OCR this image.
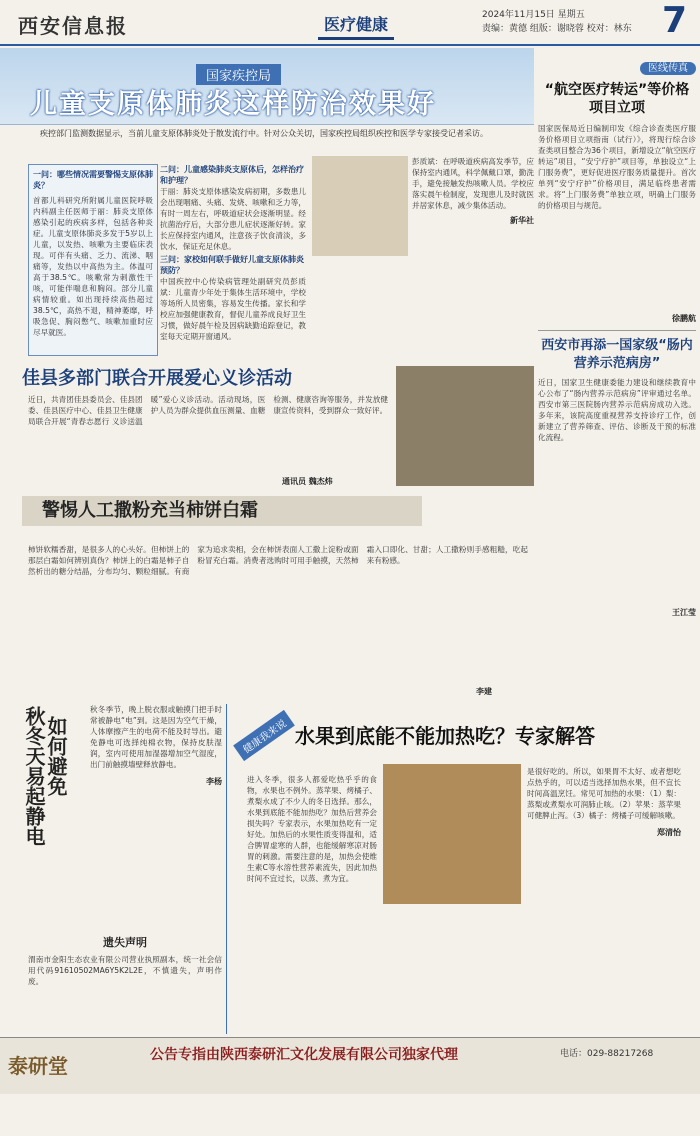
西安信息报	医疗健康	2024年11月15日 星期五
责编：黄德 组版：谢晓蓉 校对：林东 7
国家疾控局
儿童支原体肺炎这样防治效果好
疾控部门监测数据显示，当前儿童支原体肺炎处于散发流行中。针对公众关切，国家疾控局组织疾控和医学专家接受记者采访。
一问：哪些情况需要警惕支原体肺炎？
首都儿科研究所附属儿童医院呼吸内科副主任医师于丽：肺炎支原体感染引起的疾病多样，包括各种炎症。儿童支原体肺炎多发于5岁以上儿童，以发热、咳嗽为主要临床表现。可伴有头痛、乏力、流涕、咽痛等，发热以中高热为主。体温可高于38.5℃。咳嗽常为刺激性干咳，可能伴喘息和胸闷。部分儿童病情较重。如出现持续高热超过38.5℃，高热不退，精神萎靡，呼吸急促、胸闷憋气、咳嗽加重时应尽早就医。
二问：儿童感染肺炎支原体后，怎样治疗和护理？
于丽：肺炎支原体感染发病初期，多数患儿会出现咽痛、头痛、发烧、咳嗽和乏力等，有时一周左右，呼吸道症状会逐渐明显。经抗菌治疗后，大部分患儿症状逐渐好转。家长应保持室内通风，注意孩子饮食清淡，多饮水，保证充足休息。
三问：家校如何联手做好儿童支原体肺炎预防？
中国疾控中心传染病管理处副研究员彭质斌：儿童青少年处于集体生活环境中，学校等场所人员密集，容易发生传播。家长和学校应加强健康教育，督促儿童养成良好卫生习惯，做好晨午检及因病缺勤追踪登记，教室每天定期开窗通风。
彭质斌：在呼吸道疾病高发季节，应保持室内通风，科学佩戴口罩，勤洗手，避免接触发热咳嗽人员。学校应落实晨午检制度，发现患儿及时就医并居家休息，减少集体活动。
新华社
医线传真
“航空医疗转运”等价格项目立项
国家医保局近日编制印发《综合诊查类医疗服务价格项目立项指南（试行）》，将现行综合诊查类项目整合为36个项目，新增设立“航空医疗转运”项目，“安宁疗护”项目等，单独设立“上门服务费”，更好促进医疗服务质量提升。首次单列“安宁疗护”价格项目，满足临终患者需求。将“上门服务费”单独立项，明确上门服务的价格项目与规范。
徐鹏航
西安市再添一国家级“肠内营养示范病房”
近日，国家卫生健康委能力建设和继续教育中心公布了“肠内营养示范病房”评审通过名单。西安市第三医院肠内营养示范病房成功入选。多年来，该院高度重视营养支持诊疗工作，创新建立了营养筛查、评估、诊断及干预的标准化流程。
王江莹
佳县多部门联合开展爱心义诊活动
近日，共青团佳县委员会、佳县团委、佳县医疗中心、佳县卫生健康局联合开展“青春志愿行 义诊送温暖”爱心义诊活动。活动现场，医护人员为群众提供血压测量、血糖检测、健康咨询等服务，并发放健康宣传资料，受到群众一致好评。
通讯员 魏杰炜
警惕人工撒粉充当柿饼白霜
柿饼软糯香甜，是很多人的心头好。但柿饼上的那层白霜如何辨别真伪？柿饼上的白霜是柿子自然析出的糖分结晶，分布均匀、颗粒细腻。有商家为追求卖相，会在柿饼表面人工撒上淀粉或面粉冒充白霜。消费者选购时可用手触摸，天然柿霜入口即化、甘甜；人工撒粉则手感粗糙，吃起来有粉感。
李建
秋冬天易起静电
如何避免
秋冬季节，晚上脱衣服或触摸门把手时常被静电“电”到。这是因为空气干燥，人体摩擦产生的电荷不能及时导出。避免静电可选择纯棉衣物，保持皮肤湿润，室内可使用加湿器增加空气湿度，出门前触摸墙壁释放静电。
李杨
遗失声明
渭南市金阳生态农业有限公司营业执照副本，统一社会信用代码91610502MA6Y5K2L2E，不慎遗失，声明作废。
健康我来说 水果到底能不能加热吃？专家解答
进入冬季，很多人都爱吃热乎乎的食物，水果也不例外。蒸苹果、烤橘子、煮梨水成了不少人的冬日选择。那么，水果到底能不能加热吃？加热后营养会损失吗？专家表示，水果加热吃有一定好处。加热后的水果性质变得温和，适合脾胃虚寒的人群，也能缓解寒凉对肠胃的刺激。需要注意的是，加热会使维生素C等水溶性营养素流失，因此加热时间不宜过长，以蒸、煮为宜。
是很好吃的。所以，如果胃不太好、或者想吃点热乎的，可以适当选择加热水果，但不宜长时间高温烹饪。常见可加热的水果：（1）梨：蒸梨或煮梨水可润肺止咳。（2）苹果：蒸苹果可健脾止泻。（3）橘子：烤橘子可缓解咳嗽。
郑清怡
泰研堂	公告专指由陕西泰研汇文化发展有限公司独家代理	电话：029-88217268
